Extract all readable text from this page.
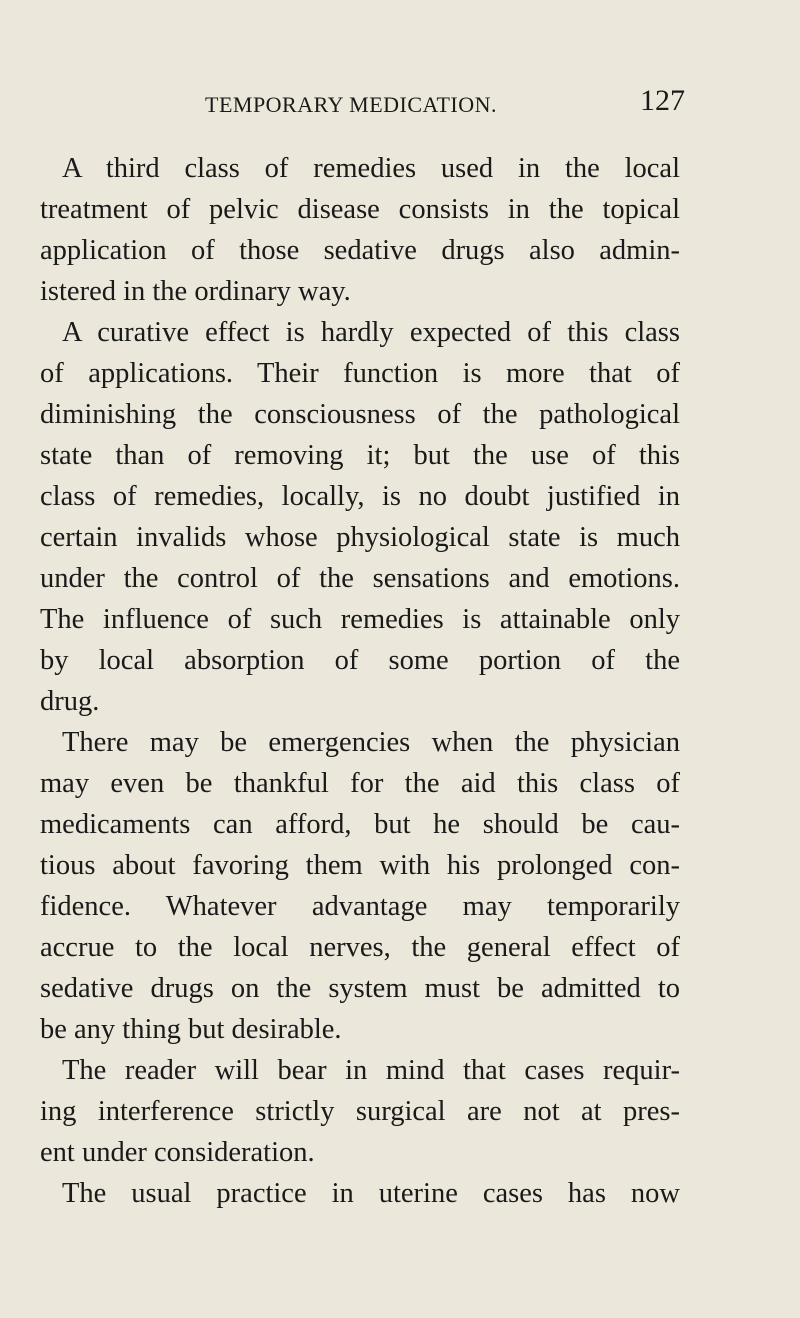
TEMPORARY MEDICATION.	127
A third class of remedies used in the local
treatment of pelvic disease consists in the topical
application of those sedative drugs also admin-
istered in the ordinary way.
A curative effect is hardly expected of this class
of applications. Their function is more that of
diminishing the consciousness of the pathological
state than of removing it; but the use of this
class of remedies, locally, is no doubt justified in
certain invalids whose physiological state is much
under the control of the sensations and emotions.
The influence of such remedies is attainable only
by local absorption of some portion of the
drug.
There may be emergencies when the physician
may even be thankful for the aid this class of
medicaments can afford, but he should be cau-
tious about favoring them with his prolonged con-
fidence. Whatever advantage may temporarily
accrue to the local nerves, the general effect of
sedative drugs on the system must be admitted to
be any thing but desirable.
The reader will bear in mind that cases requir-
ing interference strictly surgical are not at pres-
ent under consideration.
The usual practice in uterine cases has now
